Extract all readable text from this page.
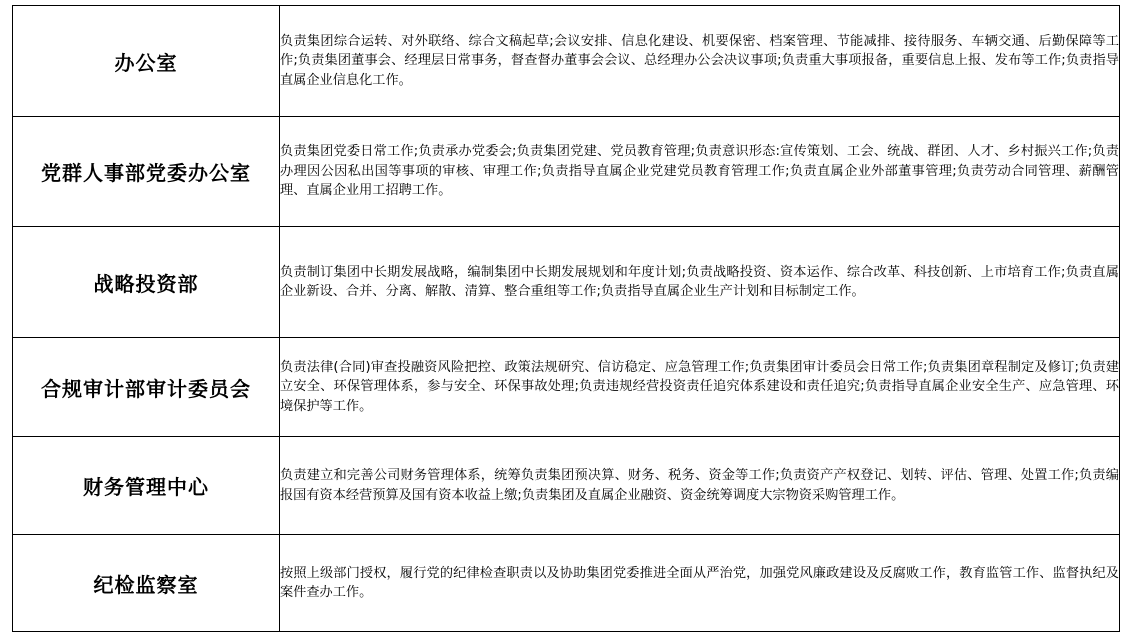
办公室	负责集团综合运转、对外联络、综合文稿起草;会议安排、信息化建设、机要保密、档案管理、节能减排、接待服务、车辆交通、后勤保障等工作;负责集团董事会、经理层日常事务，督查督办董事会会议、总经理办公会决议事项;负责重大事项报备，重要信息上报、发布等工作;负责指导直属企业信息化工作。
党群人事部党委办公室	负责集团党委日常工作;负责承办党委会;负责集团党建、党员教育管理;负责意识形态:宣传策划、工会、统战、群团、人才、乡村振兴工作;负责办理因公因私出国等事项的审核、审理工作;负责指导直属企业党建党员教育管理工作;负责直属企业外部董事管理;负责劳动合同管理、薪酬管理、直属企业用工招聘工作。
战略投资部	负责制订集团中长期发展战略，编制集团中长期发展规划和年度计划;负责战略投资、资本运作、综合改革、科技创新、上市培育工作;负责直属企业新设、合并、分离、解散、清算、整合重组等工作;负责指导直属企业生产计划和目标制定工作。
合规审计部审计委员会	负责法律(合同)审查投融资风险把控、政策法规研究、信访稳定、应急管理工作;负责集团审计委员会日常工作;负责集团章程制定及修订;负责建立安全、环保管理体系，参与安全、环保事故处理;负责违规经营投资责任追究体系建设和责任追究;负责指导直属企业安全生产、应急管理、环境保护等工作。
财务管理中心	负责建立和完善公司财务管理体系，统筹负责集团预决算、财务、税务、资金等工作;负责资产产权登记、划转、评估、管理、处置工作;负责编报国有资本经营预算及国有资本收益上缴;负责集团及直属企业融资、资金统筹调度大宗物资采购管理工作。
纪检监察室	按照上级部门授权，履行党的纪律检查职责以及协助集团党委推进全面从严治党，加强党风廉政建设及反腐败工作，教育监管工作、监督执纪及案件查办工作。
